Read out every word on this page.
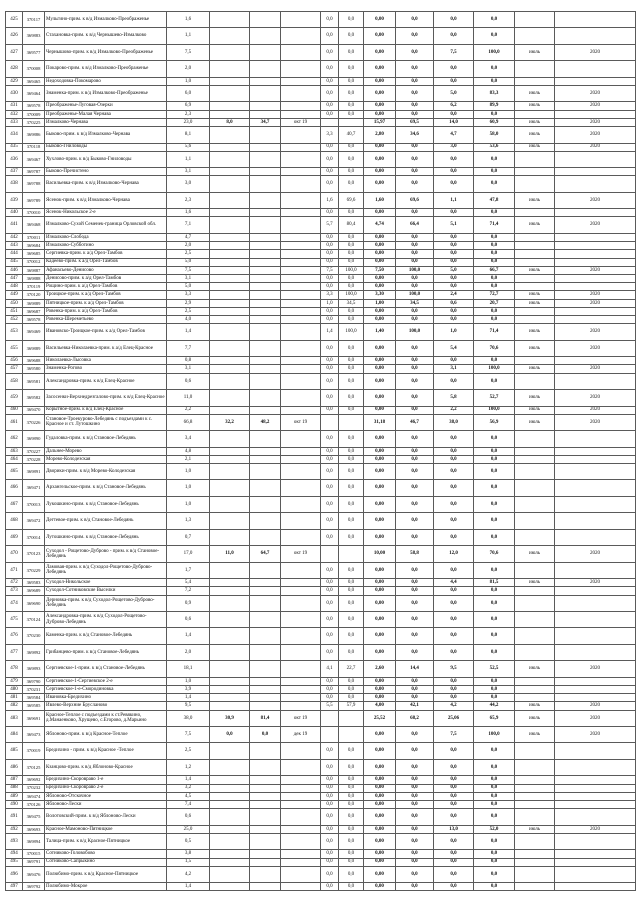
425	370117	Мульгино-прим. к в/д Измалково-Преображенье	1,6				0,0	0,0	0,00	0,0	0,0	0,0		
426	369883	Стахановка-прим. к в/д Чернышево-Измалково	1,1				0,0	0,0	0,00	0,0	0,0	0,0		
427	369577	Чернышово-прим. к в/д Измалково-Преображенье	7,5				0,0	0,0	0,00	0,0	7,5	100,0	июль	2020
428	370008	Покарово-прим. к в/д Измалково-Преображенье	2,0				0,0	0,0	0,00	0,0	0,0	0,0		
429	369465	Недоходовка-Покомарово	1,0				0,0	0,0	0,00	0,0	0,0	0,0		
430	369464	Знаменка-прим. к в/д Измалково-Преображенье	6,0				0,0	0,0	0,00	0,0	5,0	83,3	июль	2020
431	369578	Преображенье-Луговая-Озерки	6,9				0,0	0,0	0,00	0,0	6,2	89,9	июль	2020
432	370009	Преображенье-Малая Чернава	2,3				0,0	0,0	0,00	0,0	0,0	0,0		
433	370225	Измалково-Чернава	23,0	8,0	34,7	окт 19			15,97	69,5	14,0	60,9	июль	2020
434	369886	Быково-прим. к в/д Измалково-Чернава	8,1				3,3	40,7	2,80	34,6	4,7	58,0	июль	2020
435	370118	Быково-Гниловоды	5,6				0,0	0,0	0,00	0,0	3,0	53,6	июль	2020
436	369467	Хухлово-прим. к в/д Быково-Гниловоды	1,1				0,0	0,0	0,00	0,0	0,0	0,0		
437	369787	Быково-Пречистено	3,1				0,0	0,0	0,00	0,0	0,0	0,0		
438	369788	Васильевка-прим. к в/д Измалково-Чернава	3,0				0,0	0,0	0,00	0,0	0,0	0,0		
439	369789	Ясенок-прим. к в/д Измалково-Чернава	2,3				1,6	69,6	1,60	69,6	1,1	47,8	июль	2020
440	370010	Ясенок-Никольское 2-е	1,6				0,0	0,0	0,00	0,0	0,0	0,0		
441	369468	Измалково-Сухой Семенек-граница Орловской обл.	7,1				5,7	80,4	4,74	66,4	5,1	71,4	июль	2020
442	370011	Измалково-Слобода	4,7				0,0	0,0	0,00	0,0	0,0	0,0		
443	369684	Измалково-Субботино	2,0				0,0	0,0	0,00	0,0	0,0	0,0		
444	369685	Сергиевка-прим. к а/д Орел-Тамбов	2,5				0,0	0,0	0,00	0,0	0,0	0,0		
445	370012	Кадеево-прим. к а/д Орел-Тамбов	5,0				0,0	0,0	0,00	0,0	0,0	0,0		
446	369887	Афанасьево-Денисово	7,5				7,5	100,0	7,50	100,0	5,0	66,7	июль	2020
447	369888	Денисово-прим. к а/д Орел-Тамбов	3,1				0,0	0,0	0,00	0,0	0,0	0,0		
448	370119	Рощино-прим. к а/д Орел-Тамбов	5,0				0,0	0,0	0,00	0,0	0,0	0,0		
449	370120	Троицкое-прим. к а/д Орел-Тамбов	3,3				3,3	100,0	3,30	100,0	2,4	72,7	июль	2020
450	369889	Пятницкое-прим. к а/д Орел-Тамбов	2,9				1,0	34,5	1,00	34,5	0,6	20,7	июль	2020
451	369687	Ровенка-прим. к а/д Орел-Тамбов	2,5				0,0	0,0	0,00	0,0	0,0	0,0		
452	369578	Ровенка-Шереметьево	4,0				0,0	0,0	0,00	0,0	0,0	0,0		
453	369469	Ивановско-Троицкое-прим. к а/д Орел-Тамбов	1,4				1,4	100,0	1,40	100,0	1,0	71,4	июль	2020
455	369889	Васильевка-Николаевка-прим. к а/д Елец-Красное	7,7				0,0	0,0	0,00	0,0	5,4	70,6	июль	2020
456	369688	Николаевка-Лысовка	0,8				0,0	0,0	0,00	0,0	0,0	0,0		
457	369580	Знаменка-Рогово	3,1				0,0	0,0	0,00	0,0	3,1	100,0	июль	2020
458	369581	Александровка-прим. к в/д Елец-Красное	0,6				0,0	0,0	0,00	0,0	0,0	0,0		
459	369582	Засосенки-Верхнедрезгалово-прим. к в/д Елец-Красное	11,0				0,0	0,0	0,00	0,0	5,8	52,7	июль	2020
460	369470	Корытное-прим. к в/д Елец-Красное	2,2				0,0	0,0	0,00	0,0	2,2	100,0	июль	2020
461	370226	Становое-Троекурово-Лебедянь с подъездами к с. Красное и ст. Лутошкино	66,8	32,2	48,2	окт 19			31,18	46,7	38,0	56,9	июль	2020
462	369890	Гудаловка-прим. к в/д Становое-Лебедянь	3,4				0,0	0,0	0,00	0,0	0,0	0,0		
463	370227	Дальнее-Морево	4,8				0,0	0,0	0,00	0,0	0,0	0,0		
464	370228	Морево-Колодезская	2,1				0,0	0,0	0,00	0,0	0,0	0,0		
465	369891	Дворики-прим. к в/д Морево-Колодезская	1,0				0,0	0,0	0,00	0,0	0,0	0,0		
466	369471	Архангельское-прим. к в/д Становое-Лебедянь	1,0				0,0	0,0	0,00	0,0	0,0	0,0		
467	370013	Лукошкино-прим. к в/д Становое-Лебедянь	1,0				0,0	0,0	0,00	0,0	0,0	0,0		
468	369472	Дегтевое-прим. к в/д Становое-Лебедянь	1,3				0,0	0,0	0,00	0,0	0,0	0,0		
469	370014	Лутошкино-прим. к в/д Становое-Лебедянь	0,7				0,0	0,0	0,00	0,0	0,0	0,0		
470	370123	Суходол - Рощетово-Дуброво - прим. к в/д Становое-Лебедянь	17,0	11,0	64,7	окт 19			10,00	58,8	12,0	70,6	июль	2020
471	370229	Ламовая-прим. к в/д Суходол-Рощетово-Дуброво-Лебедянь	1,7				0,0	0,0	0,00	0,0	0,0	0,0		
472	369583	Суходол-Никольское	5,4				0,0	0,0	0,00	0,0	4,4	81,5	июль	2020
473	369689	Суходол-Сотниковские Выселки	7,2				0,0	0,0	0,00	0,0	0,0	0,0		
474	369690	Дерновка-прим. к в/д Суходол-Рощетово-Дуброво-Лебедянь	0,9				0,0	0,0	0,00	0,0	0,0	0,0		
475	370124	Александровка-прим. к в/д Суходол-Рощетово-Дуброво-Лебедянь	0,6				0,0	0,0	0,00	0,0	0,0	0,0		
476	370230	Каменка-прим. к в/д Становое-Лебедянь	1,4				0,0	0,0	0,00	0,0	0,0	0,0		
477	369892	Грибанцево-прим. к в/д Становое-Лебедянь	2,0				0,0	0,0	0,00	0,0	0,0	0,0		
478	369893	Сергиевское-1-прим. к в/д Становое-Лебедянь	18,1				4,1	22,7	2,60	14,4	9,5	52,5	июль	2020
479	369790	Сергиевское-1-Сергиевское 2-е	1,0				0,0	0,0	0,00	0,0	0,0	0,0		
480	370231	Сергиевское-1-е-Смородиновка	3,9				0,0	0,0	0,00	0,0	0,0	0,0		
481	369584	Ивановка-Бредихино	1,4				0,0	0,0	0,00	0,0	0,0	0,0		
482	369585	Ивлево-Верхние Брусланово	9,5				5,5	57,9	4,00	42,1	4,2	44,2	июль	2020
483	369691	Красное-Теплое с подъездами к ст.Ревякино, д.Манаенково, Хрущево, с.Егорово, д.Марьино	38,0	30,9	81,4	окт 19			25,52	68,2	25,06	65,9	июль	2020
484	369473	Яблоново-прим. к в/д Красное-Теплое	7,5	0,0	0,0	дек 19			0,00	0,0	7,5	100,0	июль	2020
485	370019	Бредихино - прим. к в/д Красное -Теплое	2,5				0,0	0,0	0,00	0,0	0,0	0,0		
486	370125	Кзанцово-прим. к в/д Яблоново-Красное	1,2				0,0	0,0	0,00	0,0	0,0	0,0		
487	369692	Бредихино-Скоровраво 1-е	1,4				0,0	0,0	0,00	0,0	0,0	0,0		
488	370232	Бредихино-Скоровраво 2-е	3,2				0,0	0,0	0,00	0,0	0,0	0,0		
489	369474	Яблоново-Отскочное	4,5				0,0	0,0	0,00	0,0	0,0	0,0		
490	370126	Яблоново-Лески	7,4				0,0	0,0	0,00	0,0	0,0	0,0		
491	369475	Волотовский-прим. к в/д Яблоново-Лески	0,6				0,0	0,0	0,00	0,0	0,0	0,0		
492	369693	Красное-Мамоново-Пятницкое	25,0				0,0	0,0	0,00	0,0	13,0	52,0	июль	2020
493	369894	Талица-прим. к в/д Красное-Пятницкое	0,5				0,0	0,0	0,00	0,0	0,0	0,0		
494	370015	Сотниково-Головобово	3,8				0,0	0,0	0,00	0,0	0,0	0,0		
495	369791	Сотниково-Сапрыкино	1,5				0,0	0,0	0,00	0,0	0,0	0,0		
496	369476	Полюбимо-прим. к в/д Красное-Пятницкое	4,2				0,0	0,0	0,00	0,0	0,0	0,0		
497	369792	Полюбимо-Мокрое	1,4				0,0	0,0	0,00	0,0	0,0	0,0		
